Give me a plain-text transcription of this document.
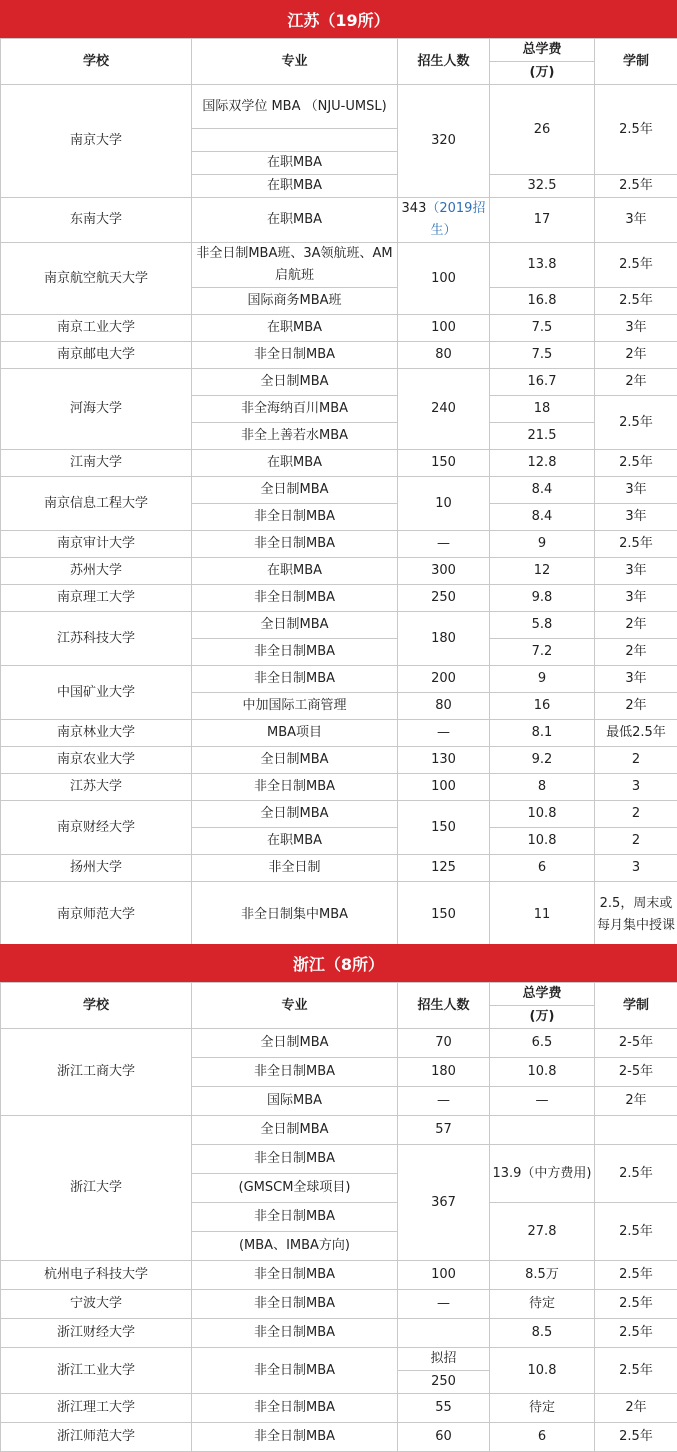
江苏（19所）
学校	专业	招生人数	总学费	学制
			(万)	
南京大学	国际双学位 MBA （NJU-UMSL)	320	26	2.5年

	在职MBA			
	在职MBA		32.5	2.5年
东南大学	在职MBA	343（2019招生）	17	3年
南京航空航天大学	非全日制MBA班、3A领航班、AM启航班	100	13.8	2.5年
	国际商务MBA班		16.8	2.5年
南京工业大学	在职MBA	100	7.5	3年
南京邮电大学	非全日制MBA	80	7.5	2年
河海大学	全日制MBA	240	16.7	2年
	非全海纳百川MBA		18	2.5年
	非全上善若水MBA		21.5	
江南大学	在职MBA	150	12.8	2.5年
南京信息工程大学	全日制MBA	10	8.4	3年
	非全日制MBA		8.4	3年
南京审计大学	非全日制MBA	—	9	2.5年
苏州大学	在职MBA	300	12	3年
南京理工大学	非全日制MBA	250	9.8	3年
江苏科技大学	全日制MBA	180	5.8	2年
	非全日制MBA		7.2	2年
中国矿业大学	非全日制MBA	200	9	3年
	中加国际工商管理	80	16	2年
南京林业大学	MBA项目	—	8.1	最低2.5年
南京农业大学	全日制MBA	130	9.2	2
江苏大学	非全日制MBA	100	8	3
南京财经大学	全日制MBA	150	10.8	2
	在职MBA		10.8	2
扬州大学	非全日制	125	6	3
南京师范大学	非全日制集中MBA	150	11	2.5，周末或每月集中授课
浙江（8所）
学校	专业	招生人数	总学费	学制
			(万)	
浙江工商大学	全日制MBA	70	6.5	2-5年
	非全日制MBA	180	10.8	2-5年
	国际MBA	—	—	2年
浙江大学	全日制MBA	57		
	非全日制MBA	367	13.9（中方费用)	2.5年
	(GMSCM全球项目)			
	非全日制MBA		27.8	2.5年
	(MBA、IMBA方向)			
杭州电子科技大学	非全日制MBA	100	8.5万	2.5年
宁波大学	非全日制MBA	—	待定	2.5年
浙江财经大学	非全日制MBA		8.5	2.5年
浙江工业大学	非全日制MBA	拟招	10.8	2.5年
		250		
浙江理工大学	非全日制MBA	55	待定	2年
浙江师范大学	非全日制MBA	60	6	2.5年
